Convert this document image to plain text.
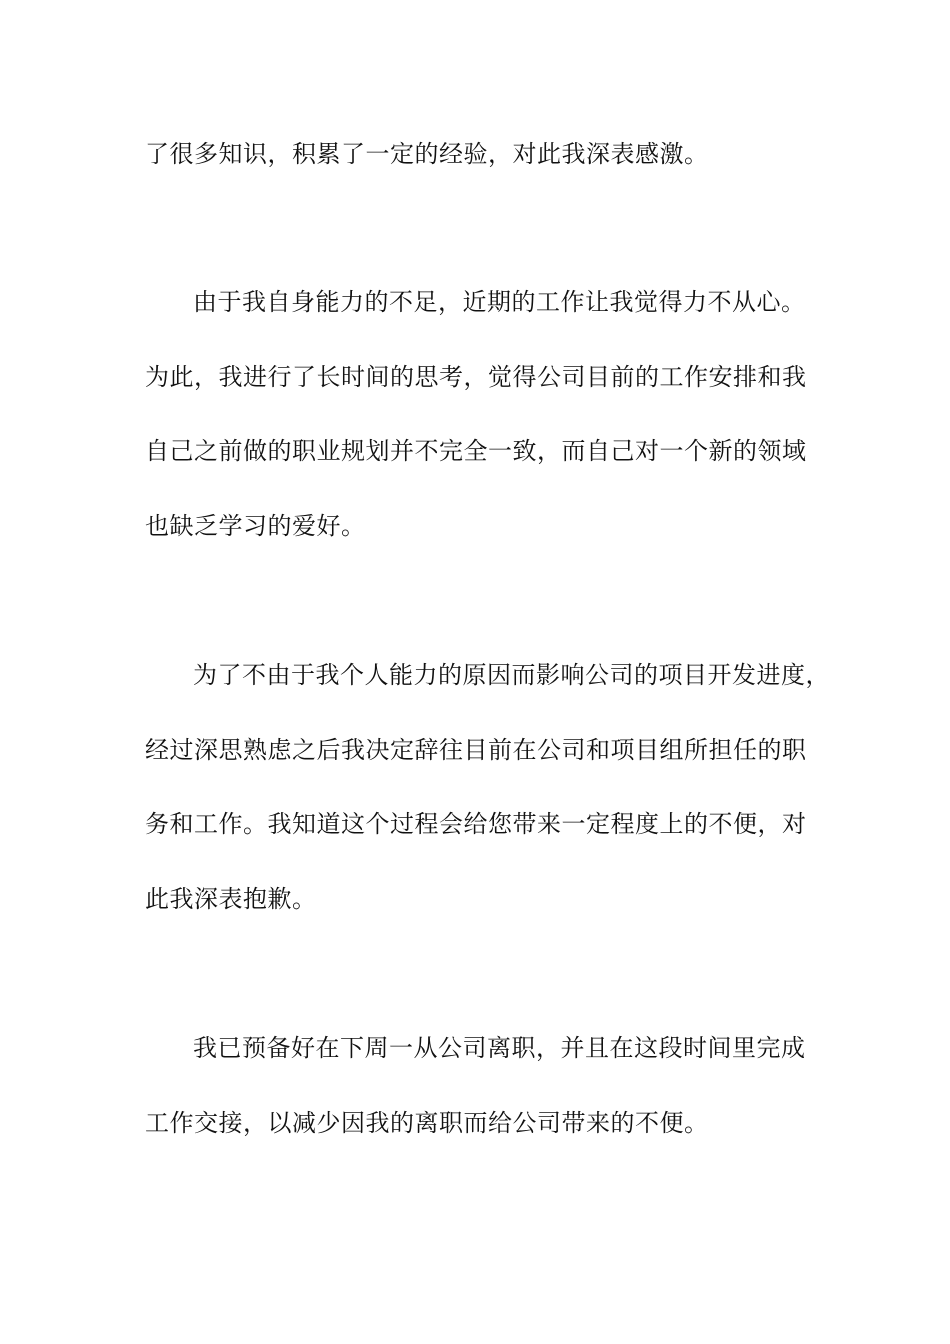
了很多知识，积累了一定的经验，对此我深表感激。
由于我自身能力的不足，近期的工作让我觉得力不从心。
为此，我进行了长时间的思考，觉得公司目前的工作安排和我
自己之前做的职业规划并不完全一致，而自己对一个新的领域
也缺乏学习的爱好。
为了不由于我个人能力的原因而影响公司的项目开发进度，
经过深思熟虑之后我决定辞往目前在公司和项目组所担任的职
务和工作。我知道这个过程会给您带来一定程度上的不便，对
此我深表抱歉。
我已预备好在下周一从公司离职，并且在这段时间里完成
工作交接，以减少因我的离职而给公司带来的不便。
